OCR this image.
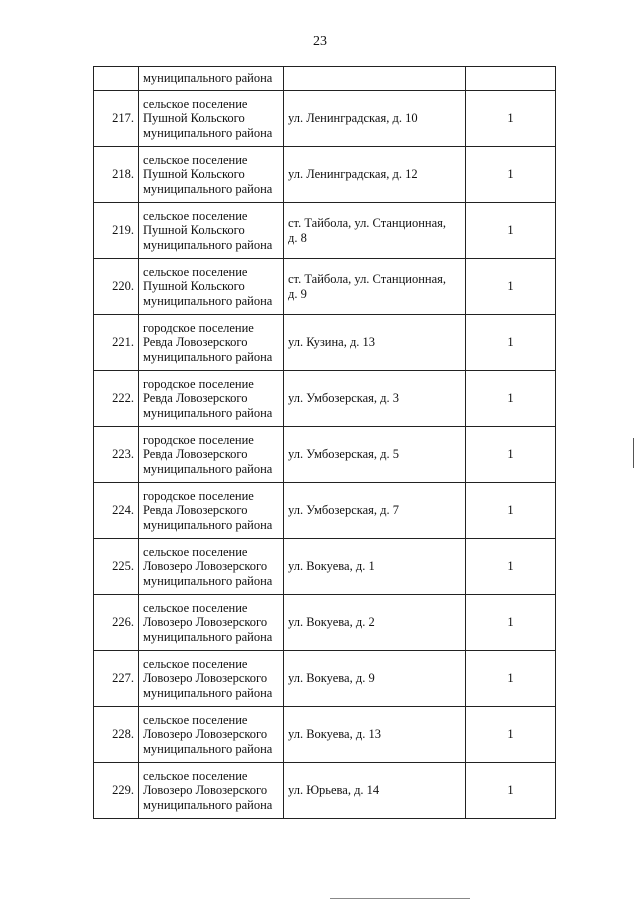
23

	муниципального района		

217.	сельское поселение
Пушной Кольского
муниципального района	ул. Ленинградская, д. 10	1
218.	сельское поселение
Пушной Кольского
муниципального района	ул. Ленинградская, д. 12	1
219.	сельское поселение
Пушной Кольского
муниципального района	ст. Тайбола, ул. Станционная,
д. 8	1
220.	сельское поселение
Пушной Кольского
муниципального района	ст. Тайбола, ул. Станционная,
д. 9	1
221.	городское поселение
Ревда Ловозерского
муниципального района	ул. Кузина, д. 13	1
222.	городское поселение
Ревда Ловозерского
муниципального района	ул. Умбозерская, д. 3	1
223.	городское поселение
Ревда Ловозерского
муниципального района	ул. Умбозерская, д. 5	1
224.	городское поселение
Ревда Ловозерского
муниципального района	ул. Умбозерская, д. 7	1
225.	сельское поселение
Ловозеро Ловозерского
муниципального района	ул. Вокуева, д. 1	1
226.	сельское поселение
Ловозеро Ловозерского
муниципального района	ул. Вокуева, д. 2	1
227.	сельское поселение
Ловозеро Ловозерского
муниципального района	ул. Вокуева, д. 9	1
228.	сельское поселение
Ловозеро Ловозерского
муниципального района	ул. Вокуева, д. 13	1
229.	сельское поселение
Ловозеро Ловозерского
муниципального района	ул. Юрьева, д. 14	1
